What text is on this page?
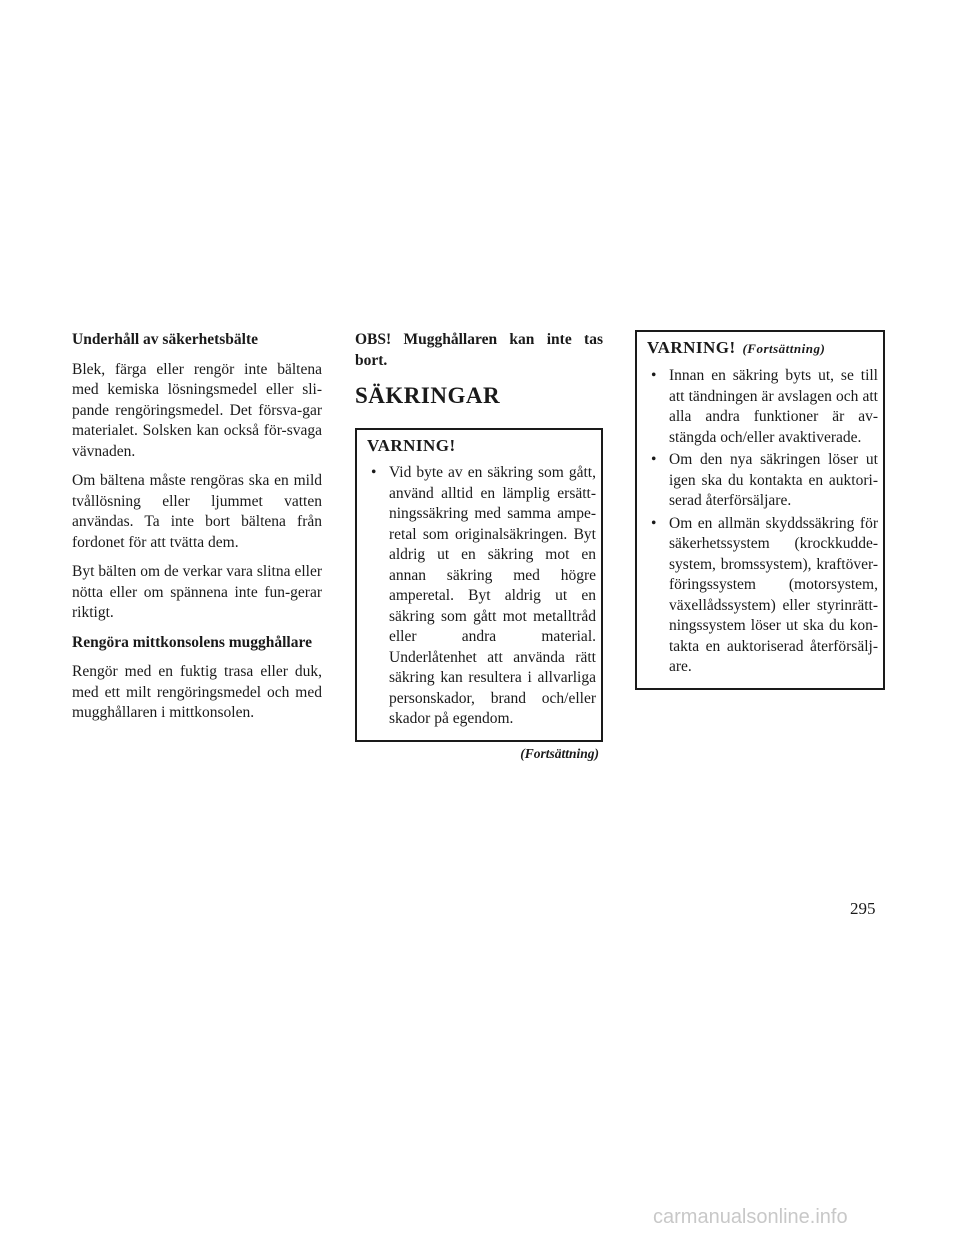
Underhåll av säkerhetsbälte

Blek, färga eller rengör inte bältena med kemiska lösningsmedel eller sli-pande rengöringsmedel. Det försva-gar materialet. Solsken kan också för-svaga vävnaden.

Om bältena måste rengöras ska en mild tvållösning eller ljummet vatten användas. Ta inte bort bältena från fordonet för att tvätta dem.

Byt bälten om de verkar vara slitna eller nötta eller om spännena inte fun-gerar riktigt.

Rengöra mittkonsolens mugghållare

Rengör med en fuktig trasa eller duk, med ett milt rengöringsmedel och med mugghållaren i mittkonsolen.

OBS! Mugghållaren kan inte tas bort.

SÄKRINGAR
VARNING!
• Vid byte av en säkring som gått, använd alltid en lämplig ersätt-ningssäkring med samma ampe-retal som originalsäkringen. Byt aldrig ut en säkring mot en annan säkring med högre amperetal. Byt aldrig ut en säkring som gått mot metalltråd eller andra material. Underlåtenhet att använda rätt säkring kan resultera i allvarliga personskador, brand och/eller skador på egendom.
(Fortsättning)
VARNING! (Fortsättning)
• Innan en säkring byts ut, se till att tändningen är avslagen och att alla andra funktioner är av-stängda och/eller avaktiverade.
• Om den nya säkringen löser ut igen ska du kontakta en auktori-serad återförsäljare.
• Om en allmän skyddssäkring för säkerhetssystem (krockkudde-system, bromssystem), kraftöver-föringssystem (motorsystem, växellådssystem) eller styrinrätt-ningssystem löser ut ska du kon-takta en auktoriserad återförsälj-are.
295
carmanualsonline.info
